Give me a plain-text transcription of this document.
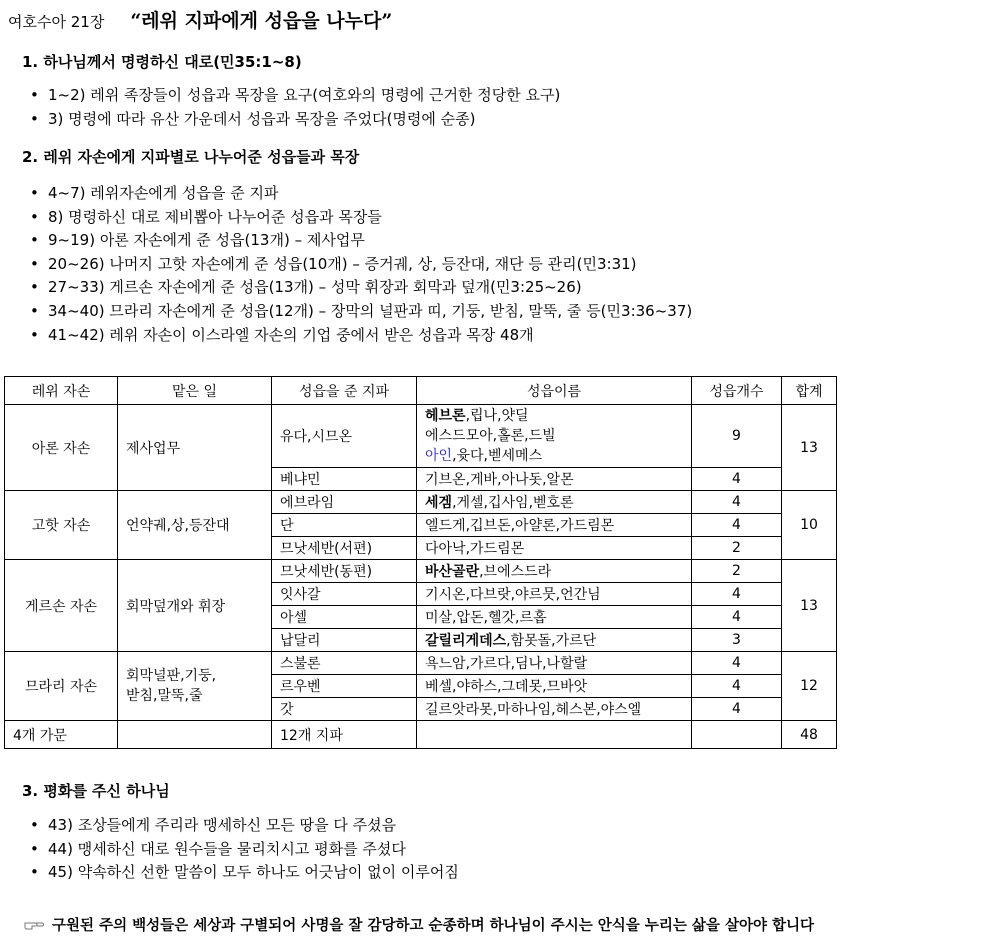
여호수아 21장 “레위 지파에게 성읍을 나누다”
1. 하나님께서 명령하신 대로(민35:1~8)
• 1~2) 레위 족장들이 성읍과 목장을 요구(여호와의 명령에 근거한 정당한 요구)
• 3) 명령에 따라 유산 가운데서 성읍과 목장을 주었다(명령에 순종)
2. 레위 자손에게 지파별로 나누어준 성읍들과 목장
• 4~7) 레위자손에게 성읍을 준 지파
• 8) 명령하신 대로 제비뽑아 나누어준 성읍과 목장들
• 9~19) 아론 자손에게 준 성읍(13개) – 제사업무
• 20~26) 나머지 고핫 자손에게 준 성읍(10개) – 증거궤, 상, 등잔대, 재단 등 관리(민3:31)
• 27~33) 게르손 자손에게 준 성읍(13개) – 성막 휘장과 회막과 덮개(민3:25~26)
• 34~40) 므라리 자손에게 준 성읍(12개) – 장막의 널판과 띠, 기둥, 받침, 말뚝, 줄 등(민3:36~37)
• 41~42) 레위 자손이 이스라엘 자손의 기업 중에서 받은 성읍과 목장 48개
레위 자손	맡은 일	성읍을 준 지파	성읍이름	성읍개수	합계
아론 자손	제사업무	유다,시므온	헤브론,립나,얏딜
에스드모아,홀론,드빌
아인,윳다,벧세메스	9	13
		베냐민	기브온,게바,아나돗,알몬	4	
고핫 자손	언약궤,상,등잔대	에브라임	세겜,게셀,깁사임,벧호론	4	10
		단	엘드게,깁브돈,아얄론,가드림몬	4	
		므낫세반(서편)	다아낙,가드림몬	2	
게르손 자손	회막덮개와 휘장	므낫세반(동편)	바산골란,브에스드라	2	13
		잇사갈	기시온,다브랏,야르뭇,언간님	4	
		아셀	미살,압돈,헬갓,르홉	4	
		납달리	갈릴리게데스,함못돌,가르단	3	
므라리 자손	회막널판,기둥,
받침,말뚝,줄	스불론	욕느암,가르다,딤나,나할랄	4	12
		르우벤	베셀,야하스,그데못,므바앗	4	
		갓	길르앗라못,마하나임,헤스본,야스엘	4	
4개 가문		12개 지파			48
3. 평화를 주신 하나님
• 43) 조상들에게 주리라 맹세하신 모든 땅을 다 주셨음
• 44) 맹세하신 대로 원수들을 물리치시고 평화를 주셨다
• 45) 약속하신 선한 말씀이 모두 하나도 어긋남이 없이 이루어짐
구원된 주의 백성들은 세상과 구별되어 사명을 잘 감당하고 순종하며 하나님이 주시는 안식을 누리는 삶을 살아야 합니다
